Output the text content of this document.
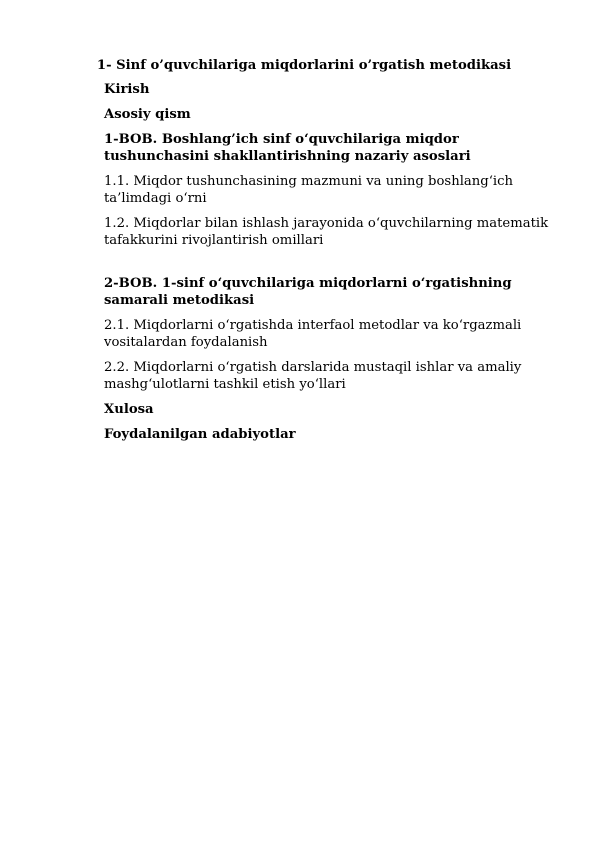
1- Sinf o’quvchilariga miqdorlarini o’rgatish metodikasi

Kirish

Asosiy qism

1-BOB. Boshlang’ich sinf o‘quvchilariga miqdor tushunchasini shakllantirishning nazariy asoslari

1.1. Miqdor tushunchasining mazmuni va uning boshlang‘ich ta’limdagi o‘rni

1.2. Miqdorlar bilan ishlash jarayonida o‘quvchilarning matematik tafakkurini rivojlantirish omillari

2-BOB. 1-sinf o‘quvchilariga miqdorlarni o‘rgatishning samarali metodikasi

2.1. Miqdorlarni o‘rgatishda interfaol metodlar va ko‘rgazmali vositalardan foydalanish

2.2. Miqdorlarni o‘rgatish darslarida mustaqil ishlar va amaliy mashg‘ulotlarni tashkil etish yo‘llari

Xulosa

Foydalanilgan adabiyotlar
